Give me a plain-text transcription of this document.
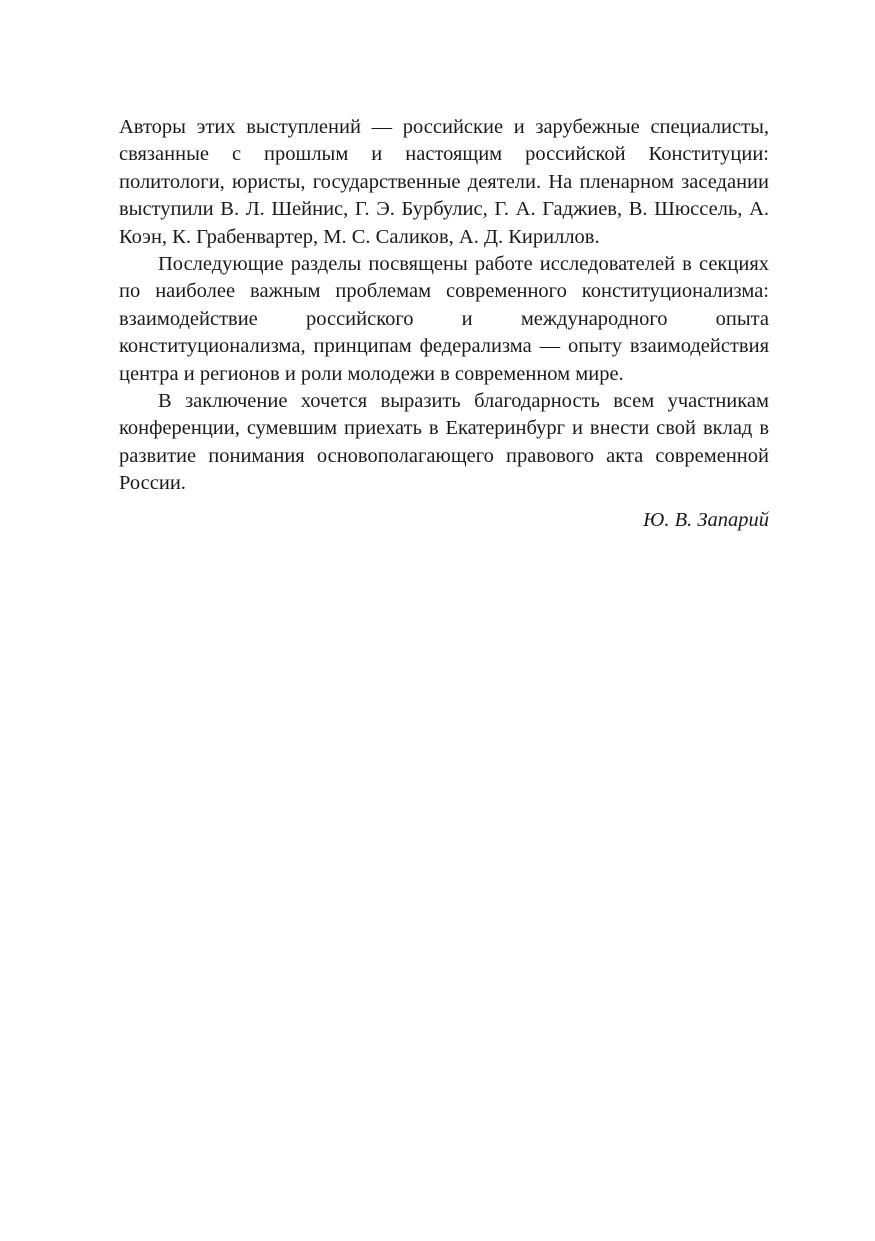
Авторы этих выступлений — российские и зарубежные специалисты, связанные с прошлым и настоящим российской Конституции: политологи, юристы, государственные деятели. На пленарном заседании выступили В. Л. Шейнис, Г. Э. Бурбулис, Г. А. Гаджиев, В. Шюссель, А. Коэн, К. Грабенвартер, М. С. Саликов, А. Д. Кириллов.

Последующие разделы посвящены работе исследователей в секциях по наиболее важным проблемам современного конституционализма: взаимодействие российского и международного опыта конституционализма, принципам федерализма — опыту взаимодействия центра и регионов и роли молодежи в современном мире.

В заключение хочется выразить благодарность всем участникам конференции, сумевшим приехать в Екатеринбург и внести свой вклад в развитие понимания основополагающего правового акта современной России.

Ю. В. Запарий
